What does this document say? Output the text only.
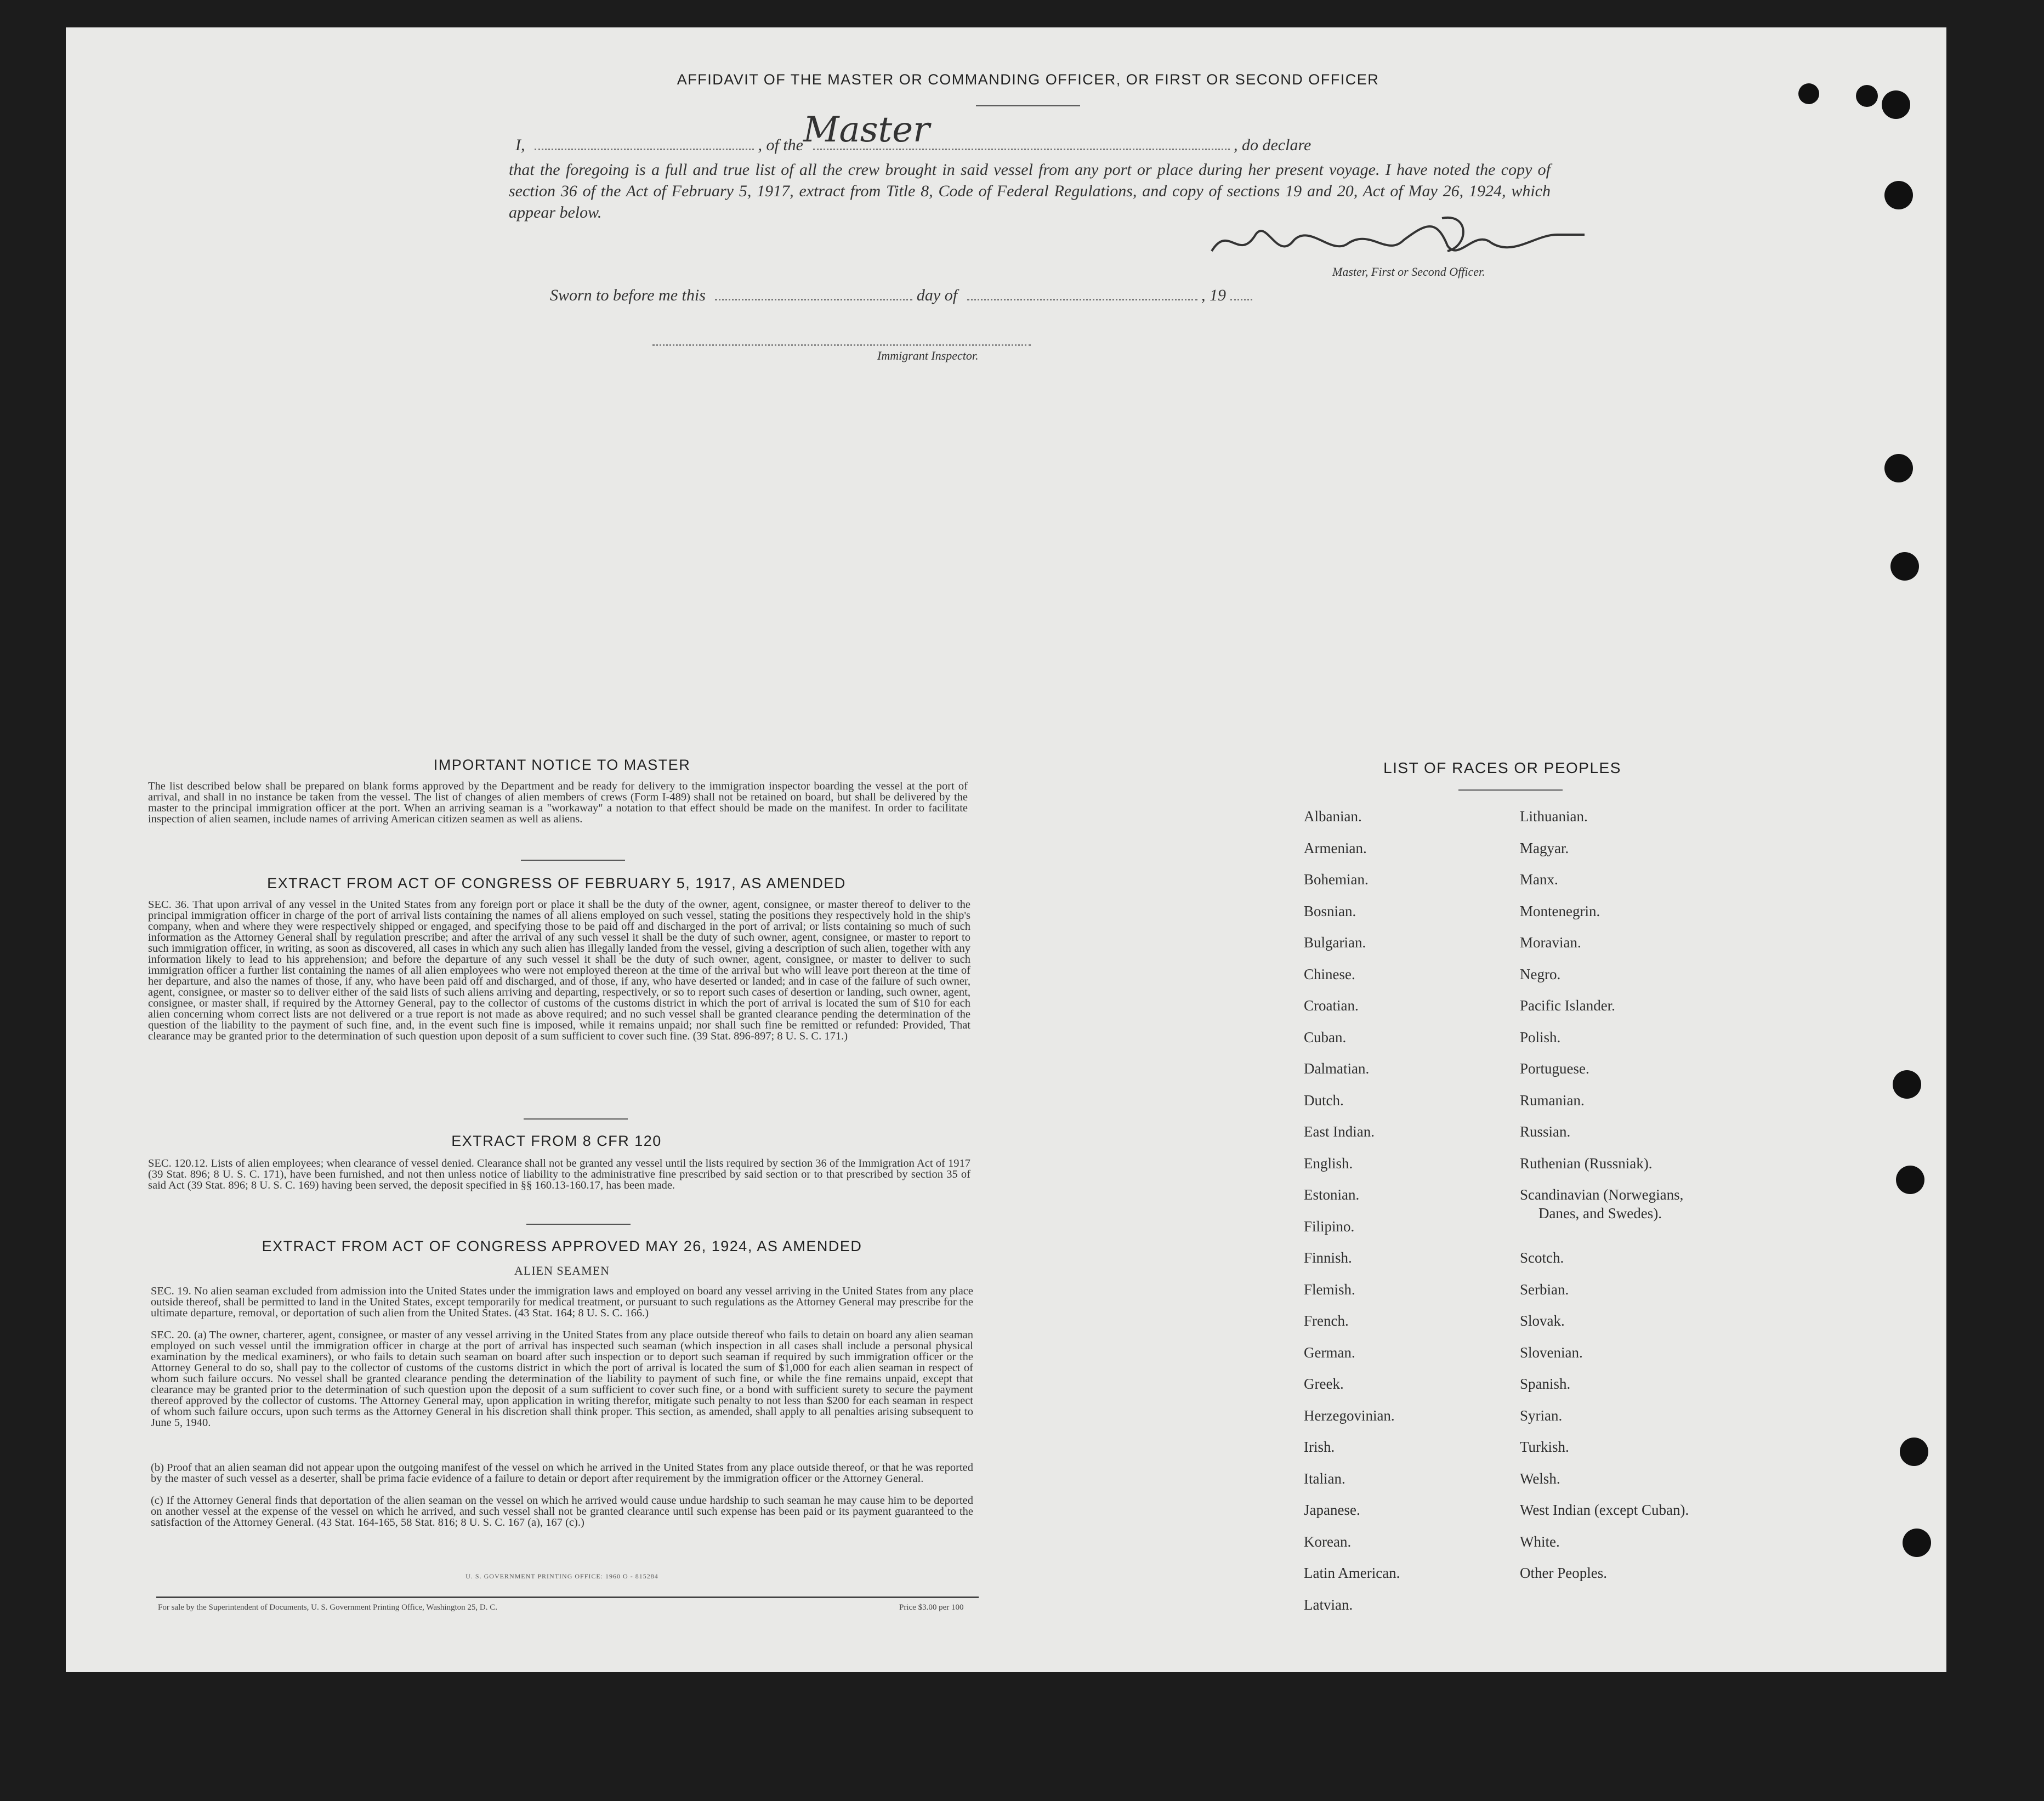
AFFIDAVIT OF THE MASTER OR COMMANDING OFFICER, OR FIRST OR SECOND OFFICER
I,	, of the	, do declare
Master
that the foregoing is a full and true list of all the crew brought in said vessel from any port or place during her present voyage. I have noted the copy of section 36 of the Act of February 5, 1917, extract from Title 8, Code of Federal Regulations, and copy of sections 19 and 20, Act of May 26, 1924, which appear below.
Master, First or Second Officer.
Sworn to before me this	day of	, 19
Immigrant Inspector.
IMPORTANT NOTICE TO MASTER
The list described below shall be prepared on blank forms approved by the Department and be ready for delivery to the immigration inspector boarding the vessel at the port of arrival, and shall in no instance be taken from the vessel. The list of changes of alien members of crews (Form I-489) shall not be retained on board, but shall be delivered by the master to the principal immigration officer at the port. When an arriving seaman is a "workaway" a notation to that effect should be made on the manifest. In order to facilitate inspection of alien seamen, include names of arriving American citizen seamen as well as aliens.
EXTRACT FROM ACT OF CONGRESS OF FEBRUARY 5, 1917, AS AMENDED
SEC. 36. That upon arrival of any vessel in the United States from any foreign port or place it shall be the duty of the owner, agent, consignee, or master thereof to deliver to the principal immigration officer in charge of the port of arrival lists containing the names of all aliens employed on such vessel, stating the positions they respectively hold in the ship's company, when and where they were respectively shipped or engaged, and specifying those to be paid off and discharged in the port of arrival; or lists containing so much of such information as the Attorney General shall by regulation prescribe; and after the arrival of any such vessel it shall be the duty of such owner, agent, consignee, or master to report to such immigration officer, in writing, as soon as discovered, all cases in which any such alien has illegally landed from the vessel, giving a description of such alien, together with any information likely to lead to his apprehension; and before the departure of any such vessel it shall be the duty of such owner, agent, consignee, or master to deliver to such immigration officer a further list containing the names of all alien employees who were not employed thereon at the time of the arrival but who will leave port thereon at the time of her departure, and also the names of those, if any, who have been paid off and discharged, and of those, if any, who have deserted or landed; and in case of the failure of such owner, agent, consignee, or master so to deliver either of the said lists of such aliens arriving and departing, respectively, or so to report such cases of desertion or landing, such owner, agent, consignee, or master shall, if required by the Attorney General, pay to the collector of customs of the customs district in which the port of arrival is located the sum of $10 for each alien concerning whom correct lists are not delivered or a true report is not made as above required; and no such vessel shall be granted clearance pending the determination of the question of the liability to the payment of such fine, and, in the event such fine is imposed, while it remains unpaid; nor shall such fine be remitted or refunded: Provided, That clearance may be granted prior to the determination of such question upon deposit of a sum sufficient to cover such fine. (39 Stat. 896-897; 8 U. S. C. 171.)
EXTRACT FROM 8 CFR 120
SEC. 120.12. Lists of alien employees; when clearance of vessel denied. Clearance shall not be granted any vessel until the lists required by section 36 of the Immigration Act of 1917 (39 Stat. 896; 8 U. S. C. 171), have been furnished, and not then unless notice of liability to the administrative fine prescribed by said section or to that prescribed by section 35 of said Act (39 Stat. 896; 8 U. S. C. 169) having been served, the deposit specified in §§ 160.13-160.17, has been made.
EXTRACT FROM ACT OF CONGRESS APPROVED MAY 26, 1924, AS AMENDED
ALIEN SEAMEN
SEC. 19. No alien seaman excluded from admission into the United States under the immigration laws and employed on board any vessel arriving in the United States from any place outside thereof, shall be permitted to land in the United States, except temporarily for medical treatment, or pursuant to such regulations as the Attorney General may prescribe for the ultimate departure, removal, or deportation of such alien from the United States. (43 Stat. 164; 8 U. S. C. 166.)
SEC. 20. (a) The owner, charterer, agent, consignee, or master of any vessel arriving in the United States from any place outside thereof who fails to detain on board any alien seaman employed on such vessel until the immigration officer in charge at the port of arrival has inspected such seaman (which inspection in all cases shall include a personal physical examination by the medical examiners), or who fails to detain such seaman on board after such inspection or to deport such seaman if required by such immigration officer or the Attorney General to do so, shall pay to the collector of customs of the customs district in which the port of arrival is located the sum of $1,000 for each alien seaman in respect of whom such failure occurs. No vessel shall be granted clearance pending the determination of the liability to payment of such fine, or while the fine remains unpaid, except that clearance may be granted prior to the determination of such question upon the deposit of a sum sufficient to cover such fine, or a bond with sufficient surety to secure the payment thereof approved by the collector of customs. The Attorney General may, upon application in writing therefor, mitigate such penalty to not less than $200 for each seaman in respect of whom such failure occurs, upon such terms as the Attorney General in his discretion shall think proper. This section, as amended, shall apply to all penalties arising subsequent to June 5, 1940.
(b) Proof that an alien seaman did not appear upon the outgoing manifest of the vessel on which he arrived in the United States from any place outside thereof, or that he was reported by the master of such vessel as a deserter, shall be prima facie evidence of a failure to detain or deport after requirement by the immigration officer or the Attorney General.
(c) If the Attorney General finds that deportation of the alien seaman on the vessel on which he arrived would cause undue hardship to such seaman he may cause him to be deported on another vessel at the expense of the vessel on which he arrived, and such vessel shall not be granted clearance until such expense has been paid or its payment guaranteed to the satisfaction of the Attorney General. (43 Stat. 164-165, 58 Stat. 816; 8 U. S. C. 167 (a), 167 (c).)
U. S. GOVERNMENT PRINTING OFFICE: 1960 O - 815284
For sale by the Superintendent of Documents, U. S. Government Printing Office, Washington 25, D. C.	Price $3.00 per 100
LIST OF RACES OR PEOPLES
Albanian.
Armenian.
Bohemian.
Bosnian.
Bulgarian.
Chinese.
Croatian.
Cuban.
Dalmatian.
Dutch.
East Indian.
English.
Estonian.
Filipino.
Finnish.
Flemish.
French.
German.
Greek.
Herzegovinian.
Irish.
Italian.
Japanese.
Korean.
Latin American.
Latvian.
Lithuanian.
Magyar.
Manx.
Montenegrin.
Moravian.
Negro.
Pacific Islander.
Polish.
Portuguese.
Rumanian.
Russian.
Ruthenian (Russniak).
Scandinavian (Norwegians,
Danes, and Swedes).
Scotch.
Serbian.
Slovak.
Slovenian.
Spanish.
Syrian.
Turkish.
Welsh.
West Indian (except Cuban).
White.
Other Peoples.
